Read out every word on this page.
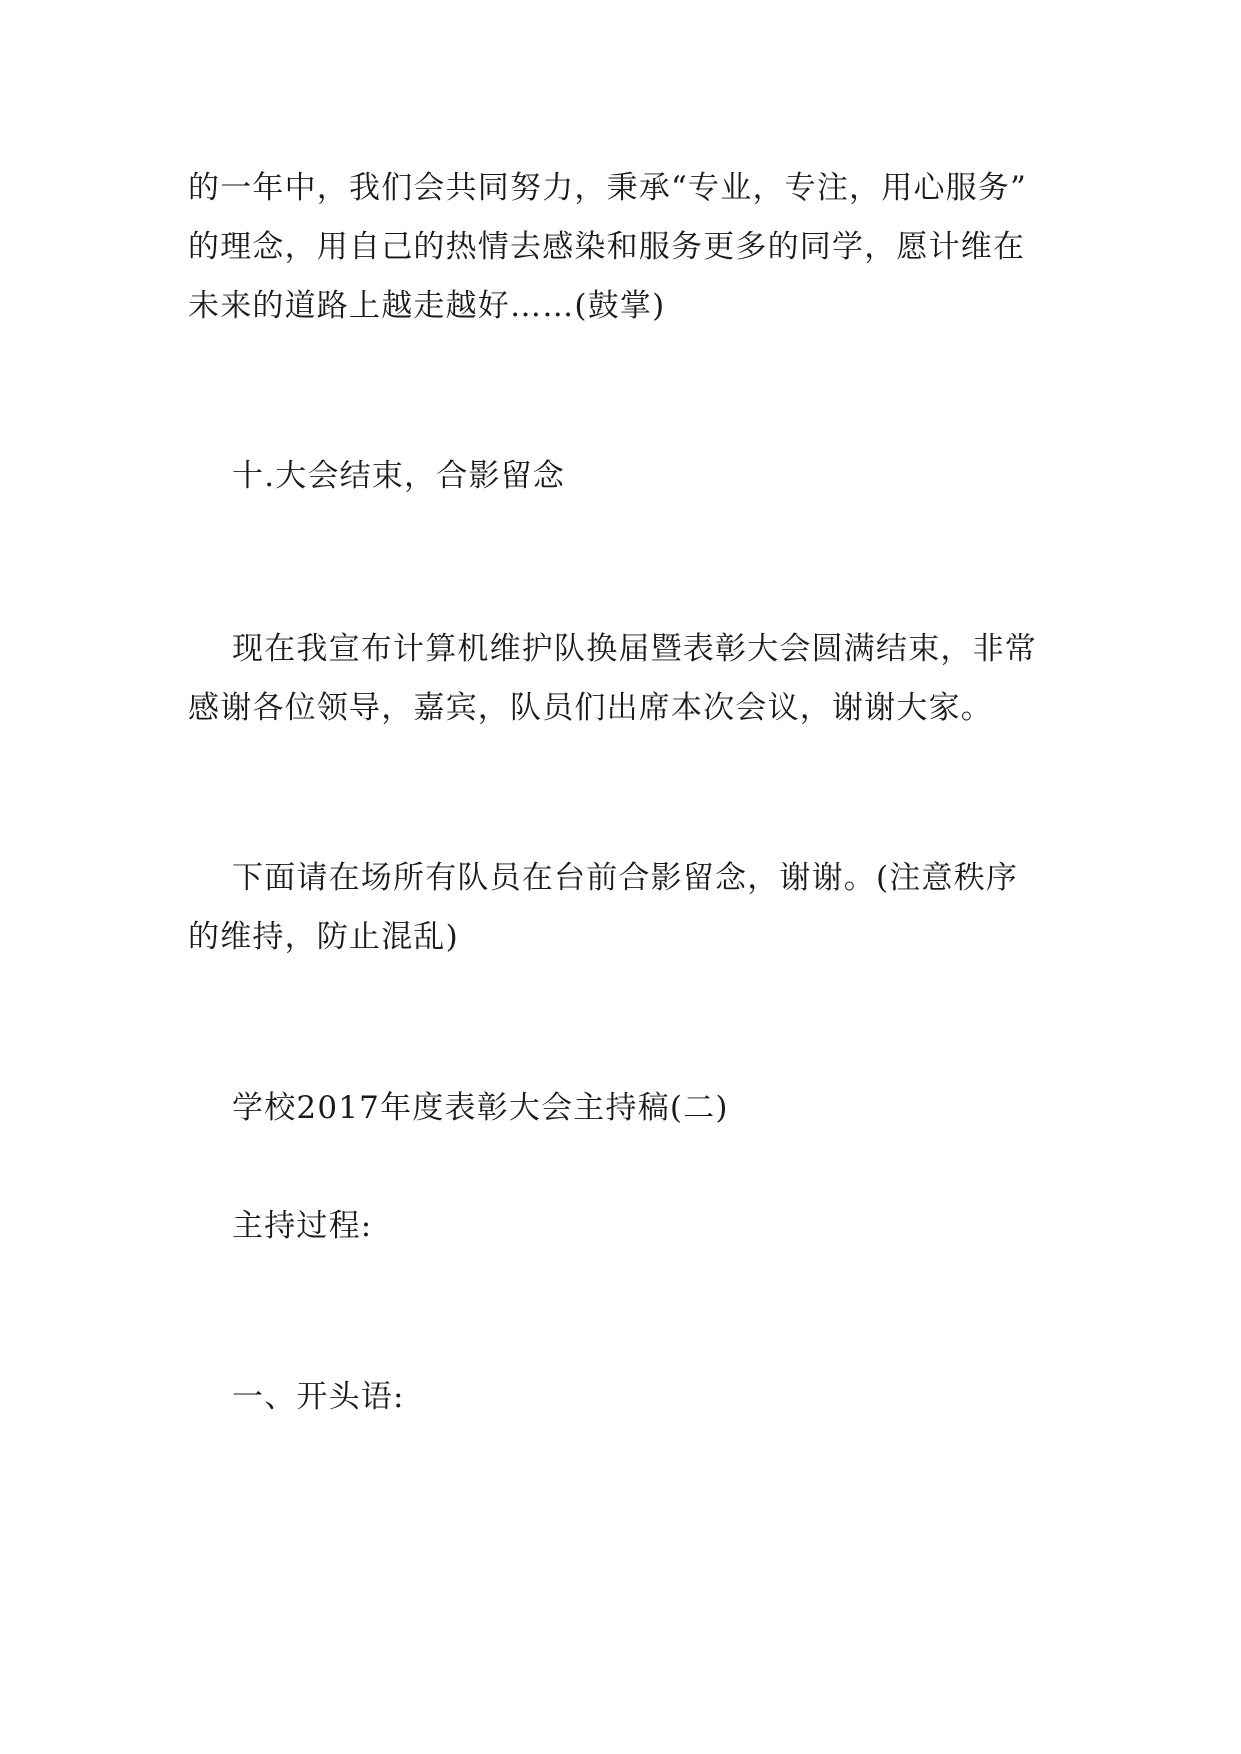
的一年中，我们会共同努力，秉承“专业，专注，用心服务”
的理念，用自己的热情去感染和服务更多的同学，愿计维在
未来的道路上越走越好……(鼓掌)
十.大会结束，合影留念
现在我宣布计算机维护队换届暨表彰大会圆满结束，非常
感谢各位领导，嘉宾，队员们出席本次会议，谢谢大家。
下面请在场所有队员在台前合影留念，谢谢。(注意秩序
的维持，防止混乱)
学校2017年度表彰大会主持稿(二)
主持过程:
一、开头语:
